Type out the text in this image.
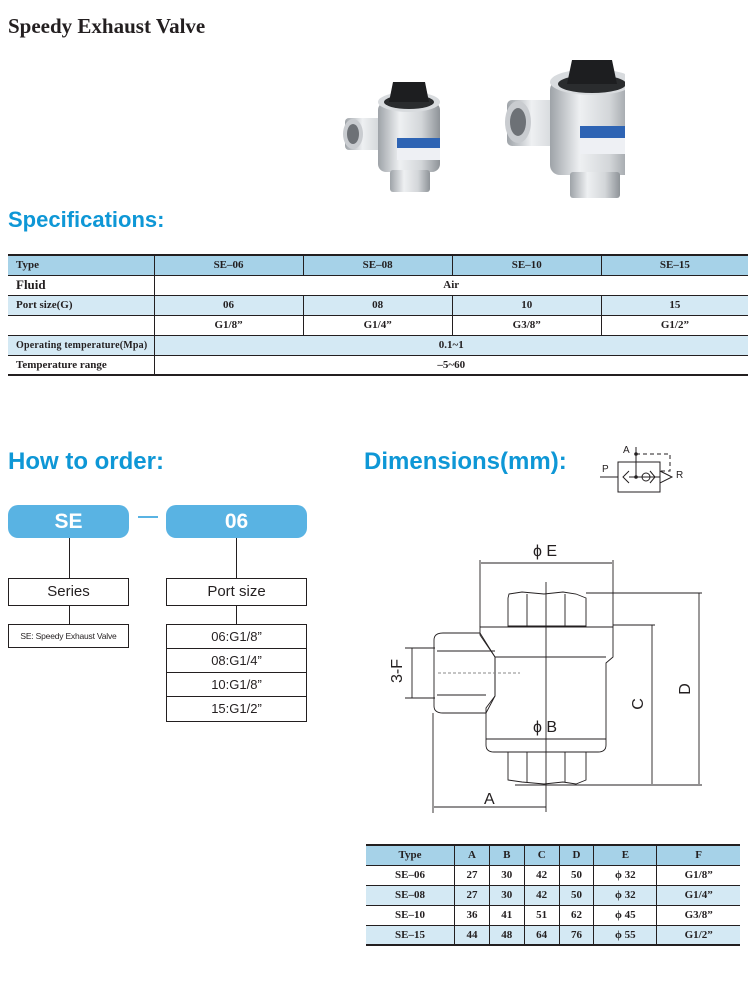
Speedy Exhaust Valve
Specifications:
Type	SE–06	SE–08	SE–10	SE–15
Fluid	Air			
Port size(G)	06	08	10	15
	G1/8”	G1/4”	G3/8”	G1/2”
Operating temperature(Mpa)	0.1~1			
Temperature range	–5~60			
How to order:
SE	06
Series
SE: Speedy Exhaust Valve
Port size
06:G1/8”
08:G1/4”
10:G1/8”
15:G1/2”
Dimensions(mm):	A
P
R
ϕ E
ϕ B
A
C
D
3-F
Type	A	B	C	D	E	F
SE–06	27	30	42	50	ϕ 32	G1/8”
SE–08	27	30	42	50	ϕ 32	G1/4”
SE–10	36	41	51	62	ϕ 45	G3/8”
SE–15	44	48	64	76	ϕ 55	G1/2”
